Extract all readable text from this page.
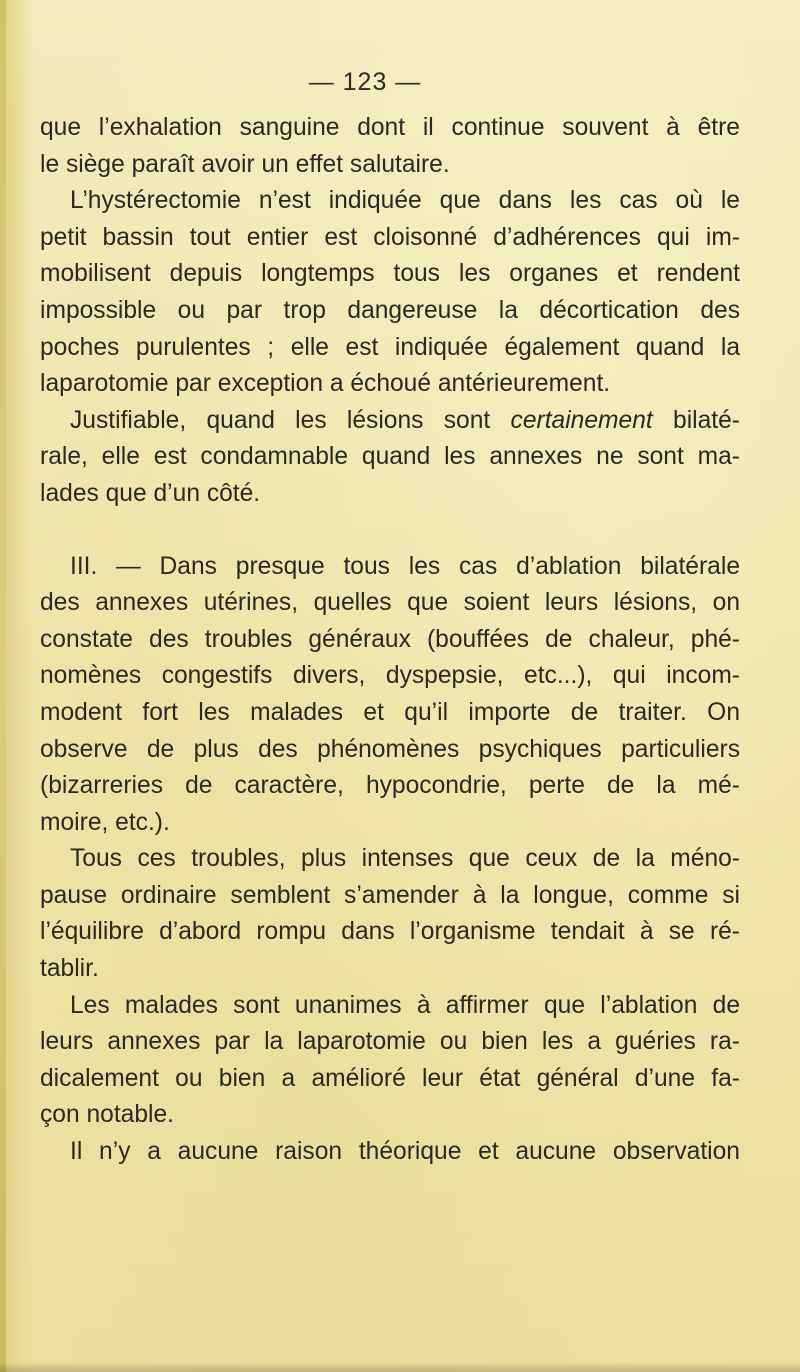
— 123 —

que l’exhalation sanguine dont il continue souvent à être
le siège paraît avoir un effet salutaire.

L’hystérectomie n’est indiquée que dans les cas où le
petit bassin tout entier est cloisonné d’adhérences qui im-
mobilisent depuis longtemps tous les organes et rendent
impossible ou par trop dangereuse la décortication des
poches purulentes ; elle est indiquée également quand la
laparotomie par exception a échoué antérieurement.

Justifiable, quand les lésions sont certainement bilaté-
rale, elle est condamnable quand les annexes ne sont ma-
lades que d’un côté.

III. — Dans presque tous les cas d’ablation bilatérale
des annexes utérines, quelles que soient leurs lésions, on
constate des troubles généraux (bouffées de chaleur, phé-
nomènes congestifs divers, dyspepsie, etc...), qui incom-
modent fort les malades et qu’il importe de traiter. On
observe de plus des phénomènes psychiques particuliers
(bizarreries de caractère, hypocondrie, perte de la mé-
moire, etc.).

Tous ces troubles, plus intenses que ceux de la méno-
pause ordinaire semblent s’amender à la longue, comme si
l’équilibre d’abord rompu dans l’organisme tendait à se ré-
tablir.

Les malades sont unanimes à affirmer que l’ablation de
leurs annexes par la laparotomie ou bien les a guéries ra-
dicalement ou bien a amélioré leur état général d’une fa-
çon notable.

Il n’y a aucune raison théorique et aucune observation
